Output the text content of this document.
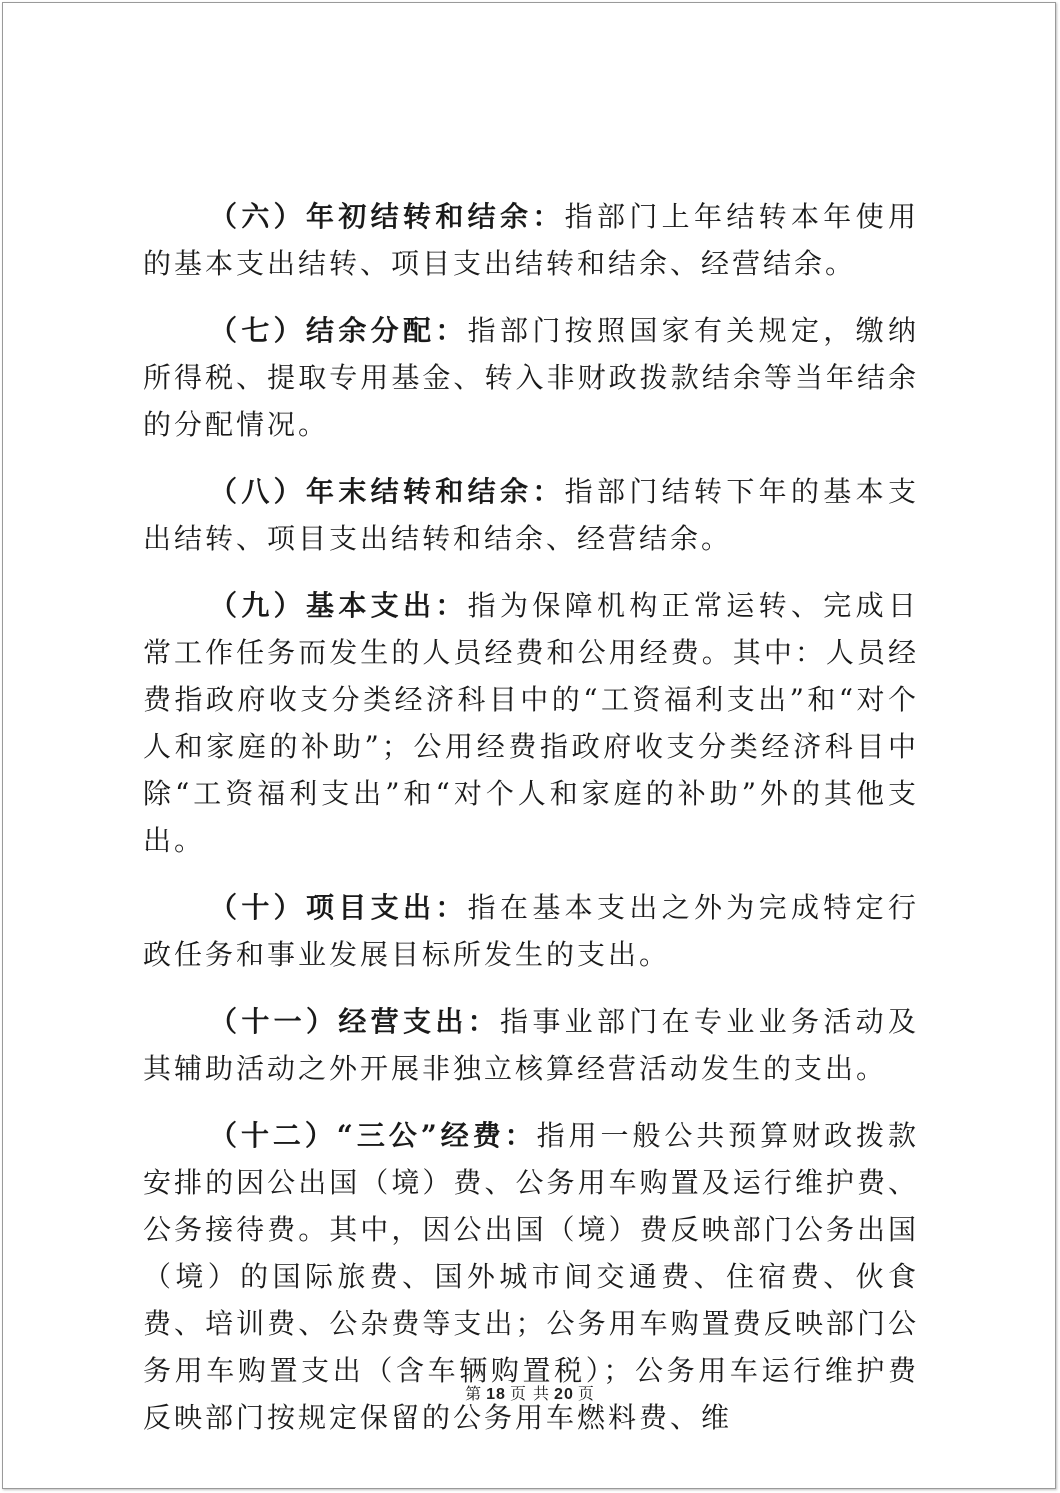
（六）年初结转和结余：指部门上年结转本年使用的基本支出结转、项目支出结转和结余、经营结余。

（七）结余分配：指部门按照国家有关规定，缴纳所得税、提取专用基金、转入非财政拨款结余等当年结余的分配情况。

（八）年末结转和结余：指部门结转下年的基本支出结转、项目支出结转和结余、经营结余。

（九）基本支出：指为保障机构正常运转、完成日常工作任务而发生的人员经费和公用经费。其中：人员经费指政府收支分类经济科目中的“工资福利支出”和“对个人和家庭的补助”；公用经费指政府收支分类经济科目中除“工资福利支出”和“对个人和家庭的补助”外的其他支出。

（十）项目支出：指在基本支出之外为完成特定行政任务和事业发展目标所发生的支出。

（十一）经营支出：指事业部门在专业业务活动及其辅助活动之外开展非独立核算经营活动发生的支出。

（十二）“三公”经费：指用一般公共预算财政拨款安排的因公出国（境）费、公务用车购置及运行维护费、公务接待费。其中，因公出国（境）费反映部门公务出国（境）的国际旅费、国外城市间交通费、住宿费、伙食费、培训费、公杂费等支出；公务用车购置费反映部门公务用车购置支出（含车辆购置税）；公务用车运行维护费反映部门按规定保留的公务用车燃料费、维

第 18 页 共 20 页
